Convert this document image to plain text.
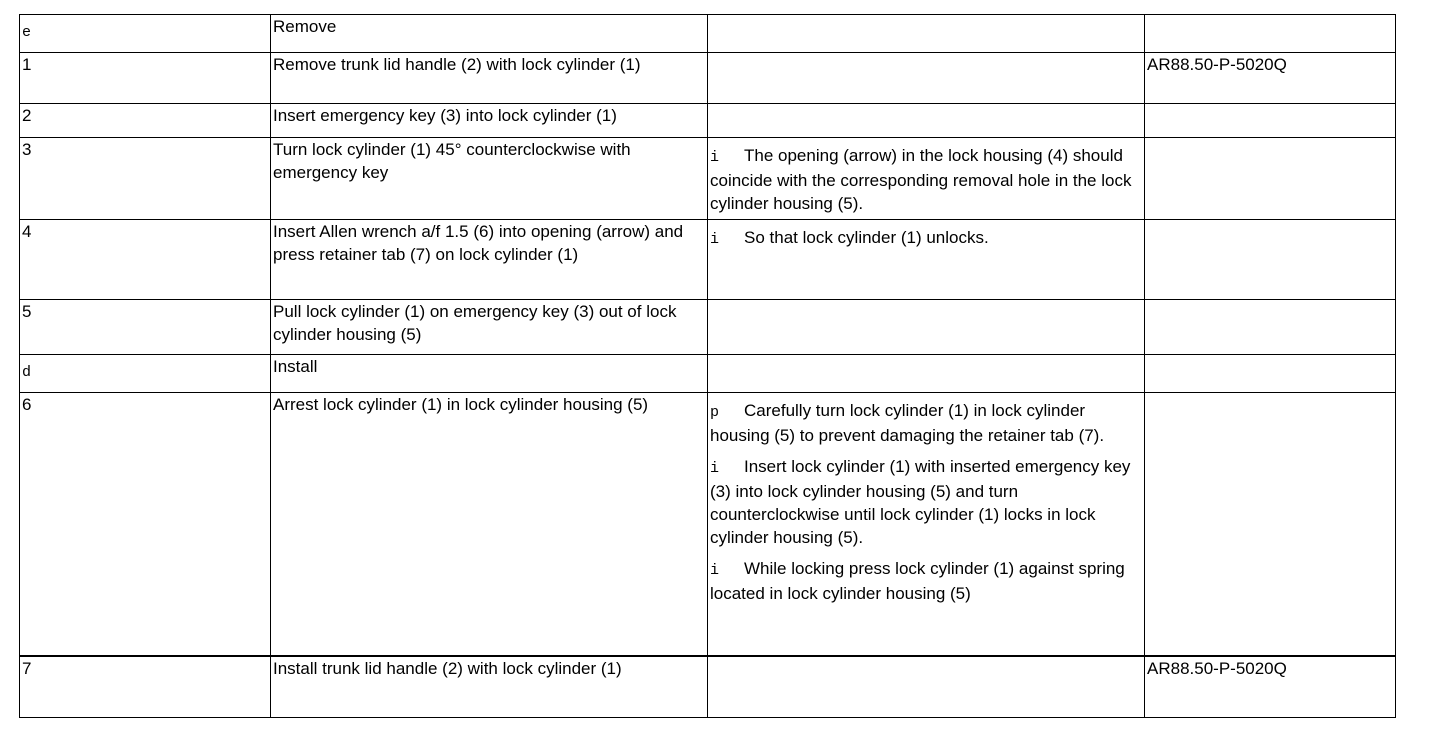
e	Remove		
1	Remove trunk lid handle (2) with lock cylinder (1)		AR88.50-P-5020Q
2	Insert emergency key (3) into lock cylinder (1)		
3	Turn lock cylinder (1) 45° counterclockwise with emergency key	i The opening (arrow) in the lock housing (4) should coincide with the corresponding removal hole in the lock cylinder housing (5).	

4	Insert Allen wrench a/f 1.5 (6) into opening (arrow) and press retainer tab (7) on lock cylinder (1)	i So that lock cylinder (1) unlocks.	

5	Pull lock cylinder (1) on emergency key (3) out of lock cylinder housing (5)		
d	Install		
6	Arrest lock cylinder (1) in lock cylinder housing (5)	p Carefully turn lock cylinder (1) in lock cylinder housing (5) to prevent damaging the retainer tab (7).
i Insert lock cylinder (1) with inserted emergency key (3) into lock cylinder housing (5) and turn counterclockwise until lock cylinder (1) locks in lock cylinder housing (5).
i While locking press lock cylinder (1) against spring located in lock cylinder housing (5)	

7	Install trunk lid handle (2) with lock cylinder (1)		AR88.50-P-5020Q
